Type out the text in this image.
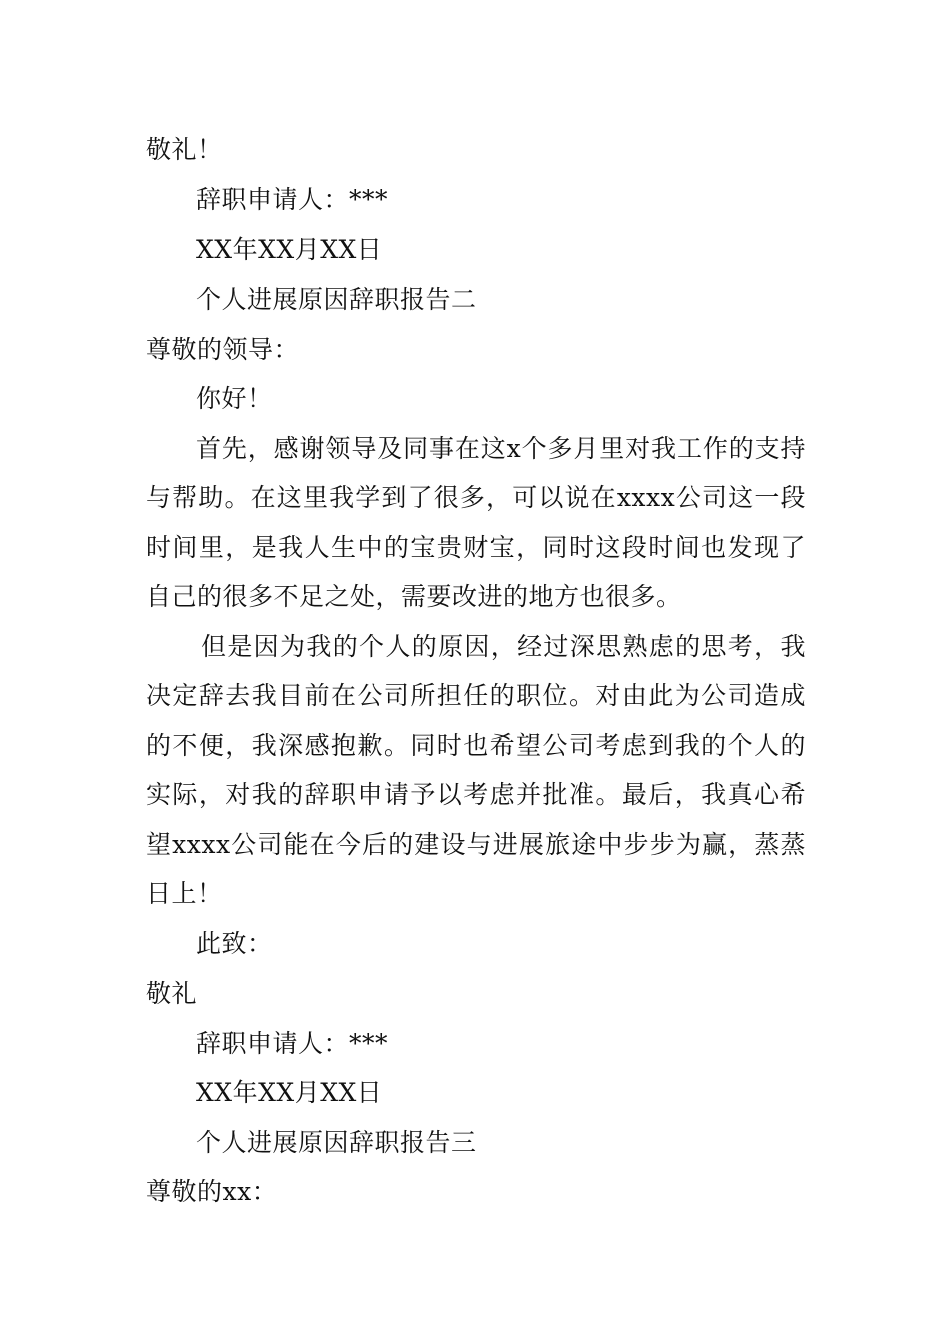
敬礼！
辞职申请人：***
XX年XX月XX日
个人进展原因辞职报告二
尊敬的领导：
你好！
首先，感谢领导及同事在这x个多月里对我工作的支持
与帮助。在这里我学到了很多，可以说在xxxx公司这一段
时间里，是我人生中的宝贵财宝，同时这段时间也发现了
自己的很多不足之处，需要改进的地方也很多。
但是因为我的个人的原因，经过深思熟虑的思考，我
决定辞去我目前在公司所担任的职位。对由此为公司造成
的不便，我深感抱歉。同时也希望公司考虑到我的个人的
实际，对我的辞职申请予以考虑并批准。最后，我真心希
望xxxx公司能在今后的建设与进展旅途中步步为赢，蒸蒸
日上！
此致：
敬礼
辞职申请人：***
XX年XX月XX日
个人进展原因辞职报告三
尊敬的xx：
